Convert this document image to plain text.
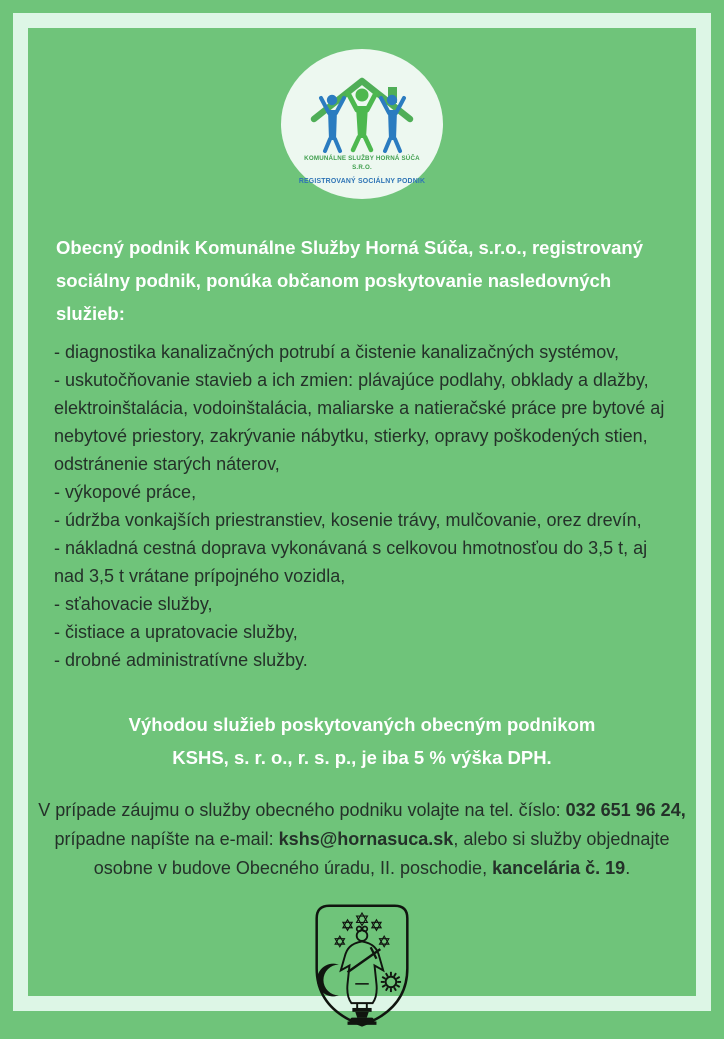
KOMUNÁLNE SLUŽBY HORNÁ SÚČA
S.R.O.
REGISTROVANÝ SOCIÁLNY PODNIK
Obecný podnik Komunálne Služby Horná Súča, s.r.o., registrovaný sociálny podnik, ponúka občanom poskytovanie nasledovných služieb:
- diagnostika kanalizačných potrubí a čistenie kanalizačných systémov,
- uskutočňovanie stavieb a ich zmien: plávajúce podlahy, obklady a dlažby, elektroinštalácia, vodoinštalácia, maliarske a natieračské práce pre bytové aj nebytové priestory, zakrývanie nábytku, stierky, opravy poškodených stien, odstránenie starých náterov,
- výkopové práce,
- údržba vonkajších priestranstiev, kosenie trávy, mulčovanie, orez drevín,
- nákladná cestná doprava vykonávaná s celkovou hmotnosťou do 3,5 t, aj nad 3,5 t vrátane prípojného vozidla,
- sťahovacie služby,
- čistiace a upratovacie služby,
- drobné administratívne služby.
Výhodou služieb poskytovaných obecným podnikom
KSHS, s. r. o., r. s. p., je iba 5 % výška DPH.
V prípade záujmu o služby obecného podniku volajte na tel. číslo: 032 651 96 24, prípadne napíšte na e-mail: kshs@hornasuca.sk, alebo si služby objednajte osobne v budove Obecného úradu, II. poschodie, kancelária č. 19.
